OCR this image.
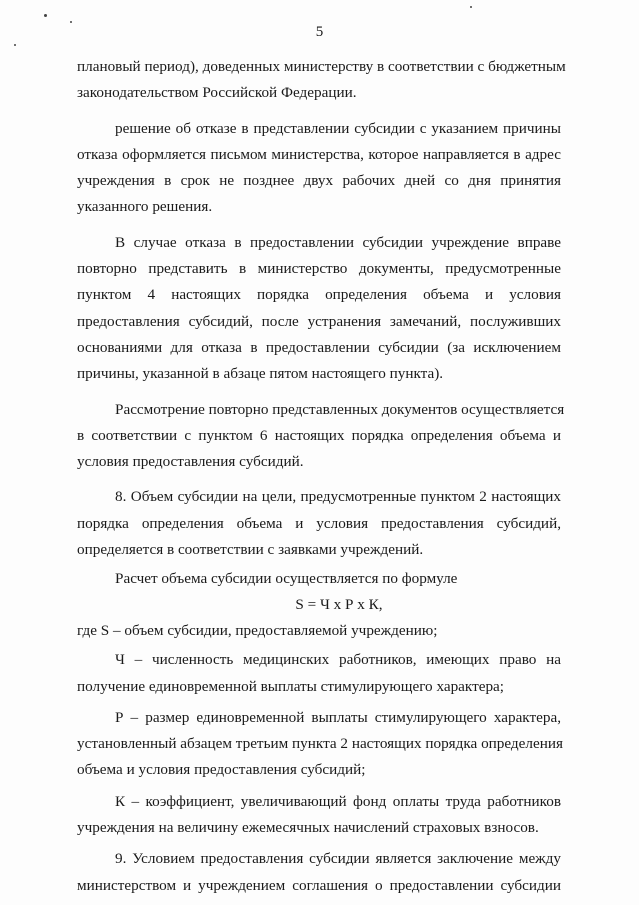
5

плановый период), доведенных министерству в соответствии с бюджетным
законодательством Российской Федерации.

решение об отказе в представлении субсидии с указанием причины
отказа оформляется письмом министерства, которое направляется в адрес
учреждения в срок не позднее двух рабочих дней со дня принятия
указанного решения.

В случае отказа в предоставлении субсидии учреждение вправе
повторно представить в министерство документы, предусмотренные
пунктом 4 настоящих порядка определения объема и условия
предоставления субсидий, после устранения замечаний, послуживших
основаниями для отказа в предоставлении субсидии (за исключением
причины, указанной в абзаце пятом настоящего пункта).

Рассмотрение повторно представленных документов осуществляется
в соответствии с пунктом 6 настоящих порядка определения объема и
условия предоставления субсидий.

8. Объем субсидии на цели, предусмотренные пунктом 2 настоящих
порядка определения объема и условия предоставления субсидий,
определяется в соответствии с заявками учреждений.

Расчет объема субсидии осуществляется по формуле

S = Ч х Р х К,

где S – объем субсидии, предоставляемой учреждению;

Ч – численность медицинских работников, имеющих право на
получение единовременной выплаты стимулирующего характера;

Р – размер единовременной выплаты стимулирующего характера,
установленный абзацем третьим пункта 2 настоящих порядка определения
объема и условия предоставления субсидий;

К – коэффициент, увеличивающий фонд оплаты труда работников
учреждения на величину ежемесячных начислений страховых взносов.

9. Условием предоставления субсидии является заключение между
министерством и учреждением соглашения о предоставлении субсидии
